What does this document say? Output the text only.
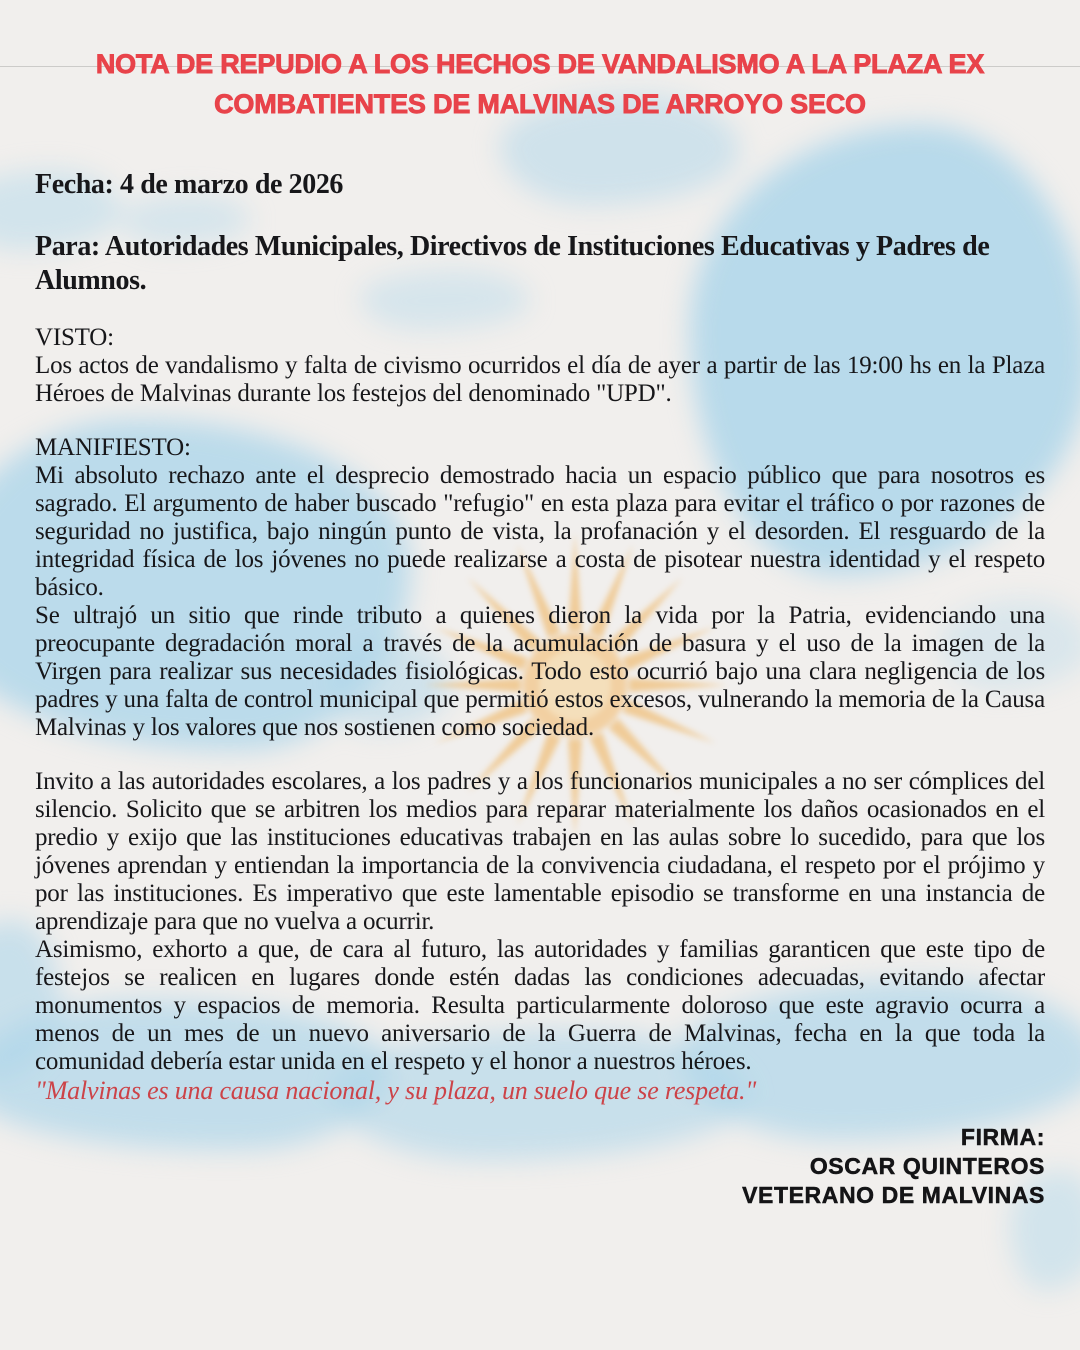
NOTA DE REPUDIO A LOS HECHOS DE VANDALISMO A LA PLAZA EX
COMBATIENTES DE MALVINAS DE ARROYO SECO

Fecha: 4 de marzo de 2026

Para: Autoridades Municipales, Directivos de Instituciones Educativas y Padres de Alumnos.

VISTO:

Los actos de vandalismo y falta de civismo ocurridos el día de ayer a partir de las 19:00 hs en la Plaza Héroes de Malvinas durante los festejos del denominado "UPD".

MANIFIESTO:

Mi absoluto rechazo ante el desprecio demostrado hacia un espacio público que para nosotros es sagrado. El argumento de haber buscado "refugio" en esta plaza para evitar el tráfico o por razones de seguridad no justifica, bajo ningún punto de vista, la profanación y el desorden. El resguardo de la integridad física de los jóvenes no puede realizarse a costa de pisotear nuestra identidad y el respeto básico.

Se ultrajó un sitio que rinde tributo a quienes dieron la vida por la Patria, evidenciando una preocupante degradación moral a través de la acumulación de basura y el uso de la imagen de la Virgen para realizar sus necesidades fisiológicas. Todo esto ocurrió bajo una clara negligencia de los padres y una falta de control municipal que permitió estos excesos, vulnerando la memoria de la Causa Malvinas y los valores que nos sostienen como sociedad.

Invito a las autoridades escolares, a los padres y a los funcionarios municipales a no ser cómplices del silencio. Solicito que se arbitren los medios para reparar materialmente los daños ocasionados en el predio y exijo que las instituciones educativas trabajen en las aulas sobre lo sucedido, para que los jóvenes aprendan y entiendan la importancia de la convivencia ciudadana, el respeto por el prójimo y por las instituciones. Es imperativo que este lamentable episodio se transforme en una instancia de aprendizaje para que no vuelva a ocurrir.

Asimismo, exhorto a que, de cara al futuro, las autoridades y familias garanticen que este tipo de festejos se realicen en lugares donde estén dadas las condiciones adecuadas, evitando afectar monumentos y espacios de memoria. Resulta particularmente doloroso que este agravio ocurra a menos de un mes de un nuevo aniversario de la Guerra de Malvinas, fecha en la que toda la comunidad debería estar unida en el respeto y el honor a nuestros héroes.

"Malvinas es una causa nacional, y su plaza, un suelo que se respeta."

FIRMA:

OSCAR QUINTEROS

VETERANO DE MALVINAS
